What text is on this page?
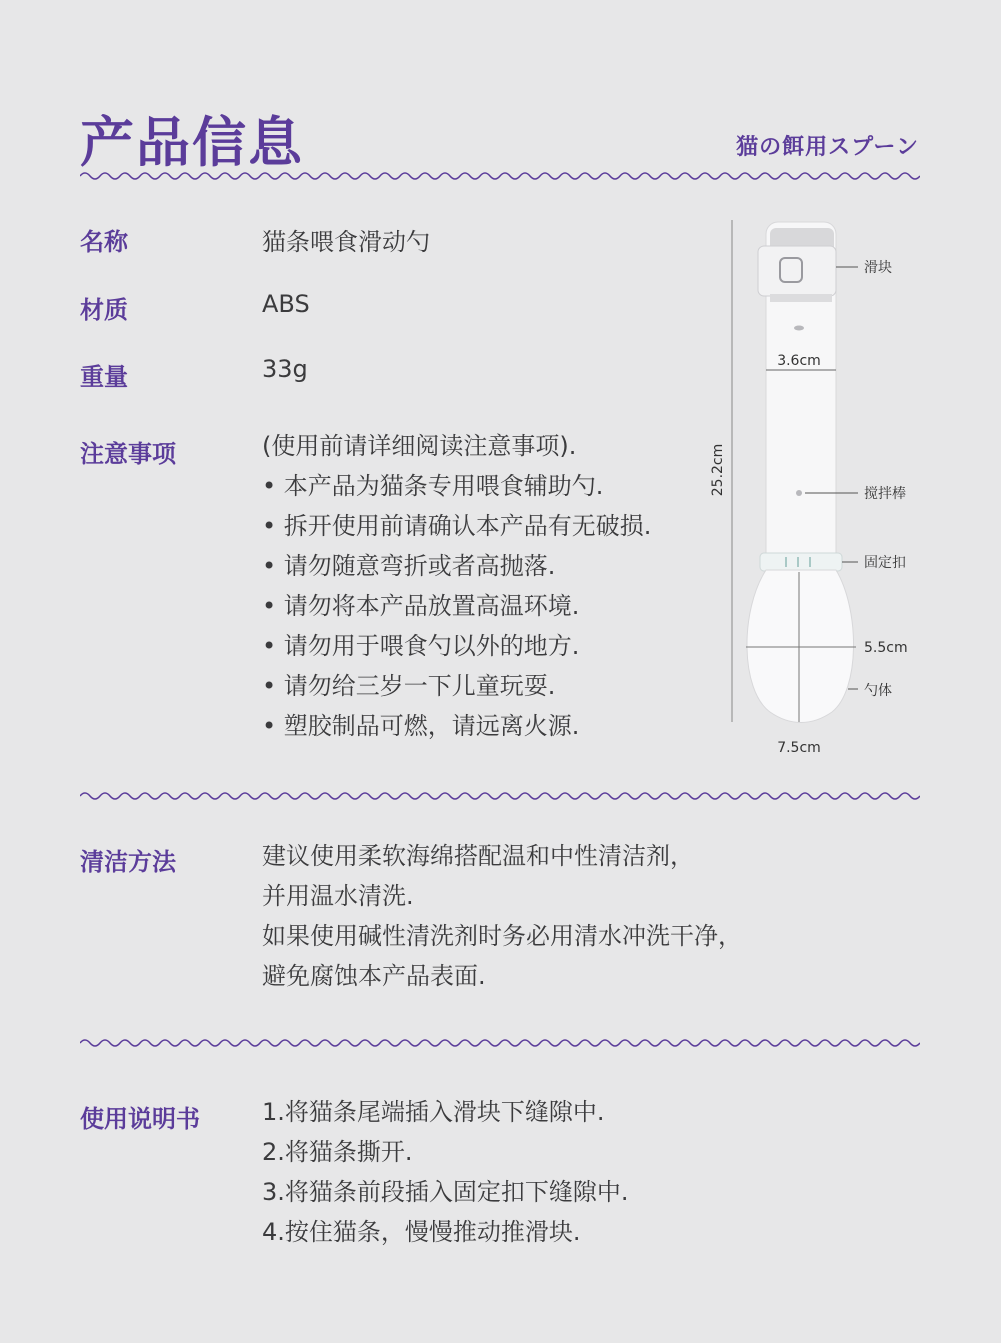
产品信息	猫の餌用スプーン
名称	猫条喂食滑动勺
材质	ABS
重量	33g
注意事项	(使用前请详细阅读注意事项).
• 本产品为猫条专用喂食辅助勺.
• 拆开使用前请确认本产品有无破损.
• 请勿随意弯折或者高抛落.
• 请勿将本产品放置高温环境.
• 请勿用于喂食勺以外的地方.
• 请勿给三岁一下儿童玩耍.
• 塑胶制品可燃，请远离火源.
25.2cm
3.6cm
7.5cm
滑块
搅拌棒
固定扣
5.5cm
勺体
清洁方法	建议使用柔软海绵搭配温和中性清洁剂，
并用温水清洗.
如果使用碱性清洗剂时务必用清水冲洗干净，
避免腐蚀本产品表面.
使用说明书	1.将猫条尾端插入滑块下缝隙中.
2.将猫条撕开.
3.将猫条前段插入固定扣下缝隙中.
4.按住猫条，慢慢推动推滑块.
